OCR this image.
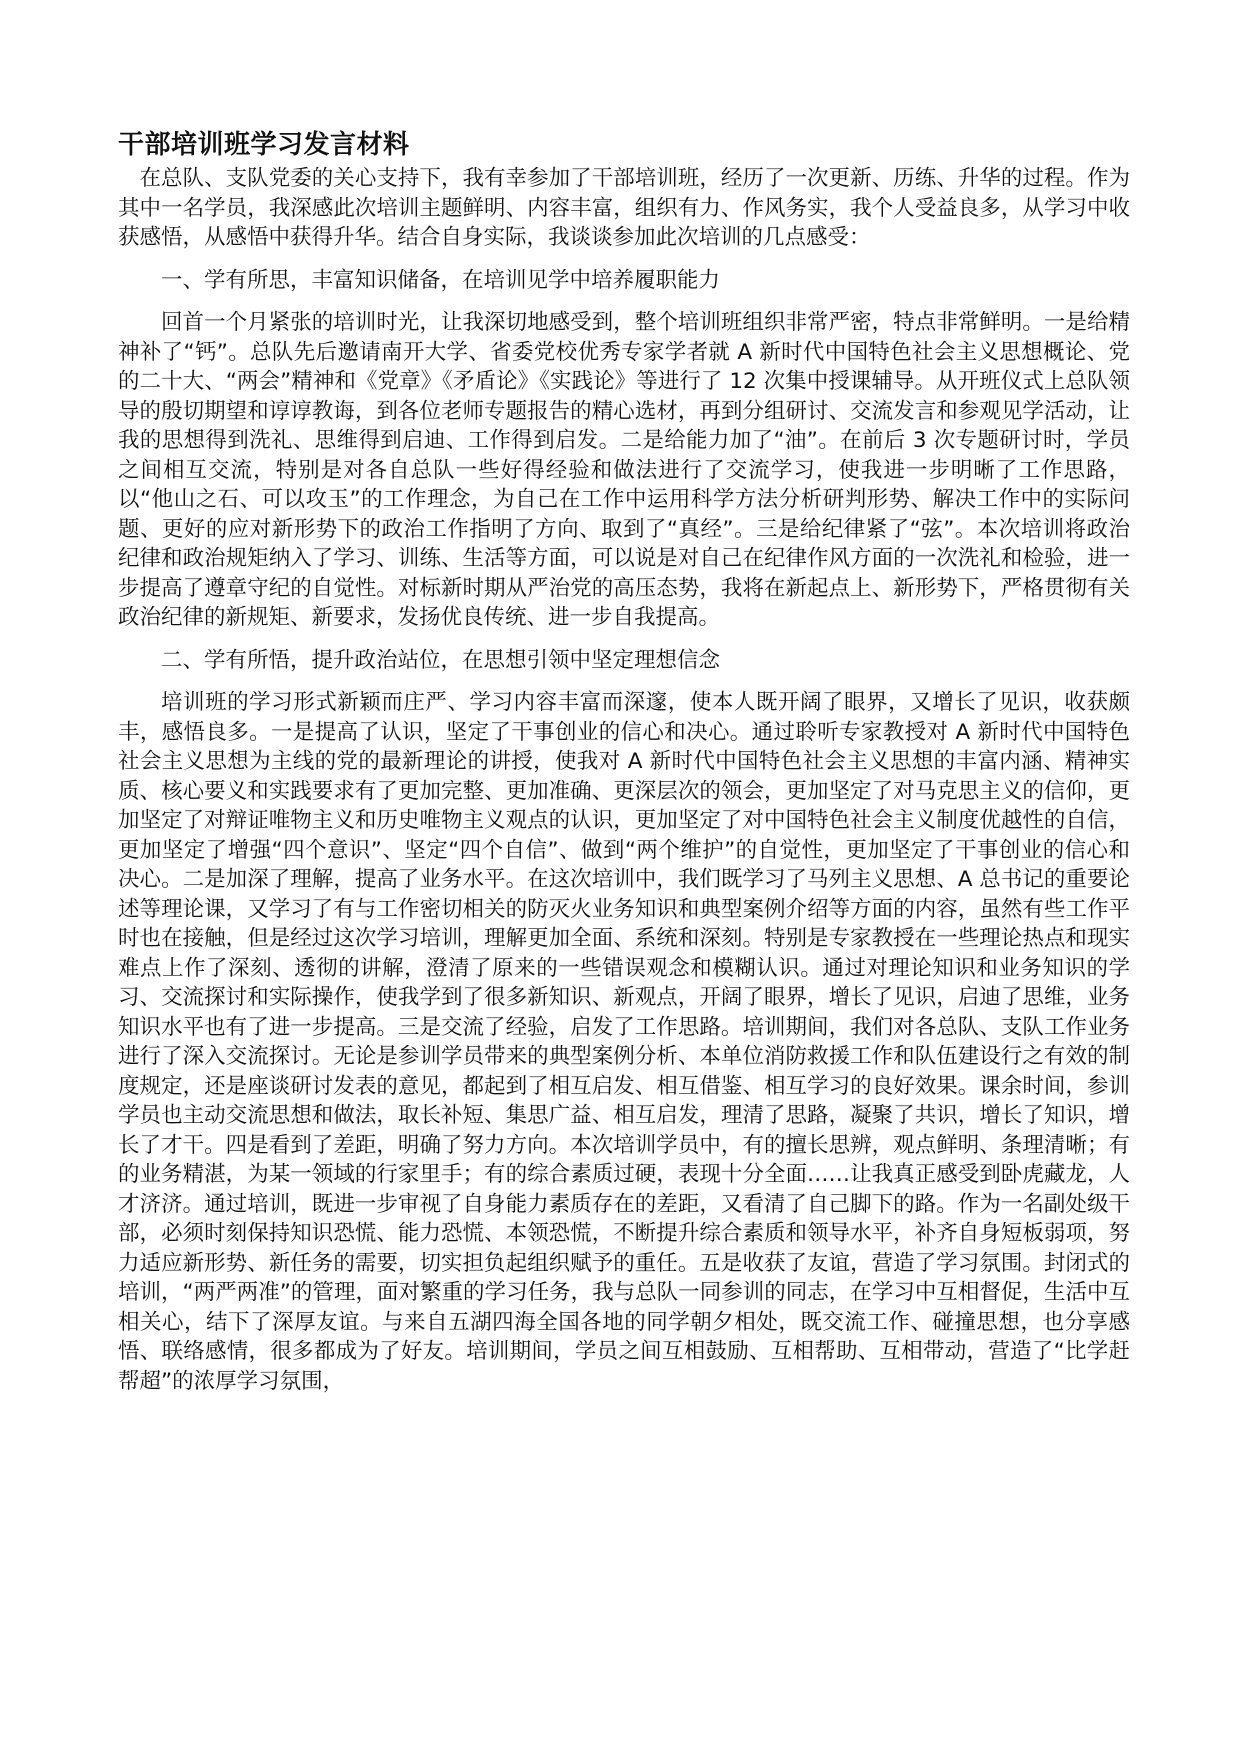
干部培训班学习发言材料

在总队、支队党委的关心支持下，我有幸参加了干部培训班，经历了一次更新、历练、升华的过程。作为其中一名学员，我深感此次培训主题鲜明、内容丰富，组织有力、作风务实，我个人受益良多，从学习中收获感悟，从感悟中获得升华。结合自身实际，我谈谈参加此次培训的几点感受：

一、学有所思，丰富知识储备，在培训见学中培养履职能力

回首一个月紧张的培训时光，让我深切地感受到，整个培训班组织非常严密，特点非常鲜明。一是给精神补了“钙”。总队先后邀请南开大学、省委党校优秀专家学者就 A 新时代中国特色社会主义思想概论、党的二十大、“两会”精神和《党章》《矛盾论》《实践论》等进行了 12 次集中授课辅导。从开班仪式上总队领导的殷切期望和谆谆教诲，到各位老师专题报告的精心选材，再到分组研讨、交流发言和参观见学活动，让我的思想得到洗礼、思维得到启迪、工作得到启发。二是给能力加了“油”。在前后 3 次专题研讨时，学员之间相互交流，特别是对各自总队一些好得经验和做法进行了交流学习，使我进一步明晰了工作思路，以“他山之石、可以攻玉”的工作理念，为自己在工作中运用科学方法分析研判形势、解决工作中的实际问题、更好的应对新形势下的政治工作指明了方向、取到了“真经”。三是给纪律紧了“弦”。本次培训将政治纪律和政治规矩纳入了学习、训练、生活等方面，可以说是对自己在纪律作风方面的一次洗礼和检验，进一步提高了遵章守纪的自觉性。对标新时期从严治党的高压态势，我将在新起点上、新形势下，严格贯彻有关政治纪律的新规矩、新要求，发扬优良传统、进一步自我提高。

二、学有所悟，提升政治站位，在思想引领中坚定理想信念

培训班的学习形式新颖而庄严、学习内容丰富而深邃，使本人既开阔了眼界，又增长了见识，收获颇丰，感悟良多。一是提高了认识，坚定了干事创业的信心和决心。通过聆听专家教授对 A 新时代中国特色社会主义思想为主线的党的最新理论的讲授，使我对 A 新时代中国特色社会主义思想的丰富内涵、精神实质、核心要义和实践要求有了更加完整、更加准确、更深层次的领会，更加坚定了对马克思主义的信仰，更加坚定了对辩证唯物主义和历史唯物主义观点的认识，更加坚定了对中国特色社会主义制度优越性的自信，更加坚定了增强“四个意识”、坚定“四个自信”、做到“两个维护”的自觉性，更加坚定了干事创业的信心和决心。二是加深了理解，提高了业务水平。在这次培训中，我们既学习了马列主义思想、A 总书记的重要论述等理论课，又学习了有与工作密切相关的防灭火业务知识和典型案例介绍等方面的内容，虽然有些工作平时也在接触，但是经过这次学习培训，理解更加全面、系统和深刻。特别是专家教授在一些理论热点和现实难点上作了深刻、透彻的讲解，澄清了原来的一些错误观念和模糊认识。通过对理论知识和业务知识的学习、交流探讨和实际操作，使我学到了很多新知识、新观点，开阔了眼界，增长了见识，启迪了思维，业务知识水平也有了进一步提高。三是交流了经验，启发了工作思路。培训期间，我们对各总队、支队工作业务进行了深入交流探讨。无论是参训学员带来的典型案例分析、本单位消防救援工作和队伍建设行之有效的制度规定，还是座谈研讨发表的意见，都起到了相互启发、相互借鉴、相互学习的良好效果。课余时间，参训学员也主动交流思想和做法，取长补短、集思广益、相互启发，理清了思路，凝聚了共识，增长了知识，增长了才干。四是看到了差距，明确了努力方向。本次培训学员中，有的擅长思辨，观点鲜明、条理清晰；有的业务精湛，为某一领域的行家里手；有的综合素质过硬，表现十分全面……让我真正感受到卧虎藏龙，人才济济。通过培训，既进一步审视了自身能力素质存在的差距，又看清了自己脚下的路。作为一名副处级干部，必须时刻保持知识恐慌、能力恐慌、本领恐慌，不断提升综合素质和领导水平，补齐自身短板弱项，努力适应新形势、新任务的需要，切实担负起组织赋予的重任。五是收获了友谊，营造了学习氛围。封闭式的培训，“两严两准”的管理，面对繁重的学习任务，我与总队一同参训的同志，在学习中互相督促，生活中互相关心，结下了深厚友谊。与来自五湖四海全国各地的同学朝夕相处，既交流工作、碰撞思想，也分享感悟、联络感情，很多都成为了好友。培训期间，学员之间互相鼓励、互相帮助、互相带动，营造了“比学赶帮超”的浓厚学习氛围，
